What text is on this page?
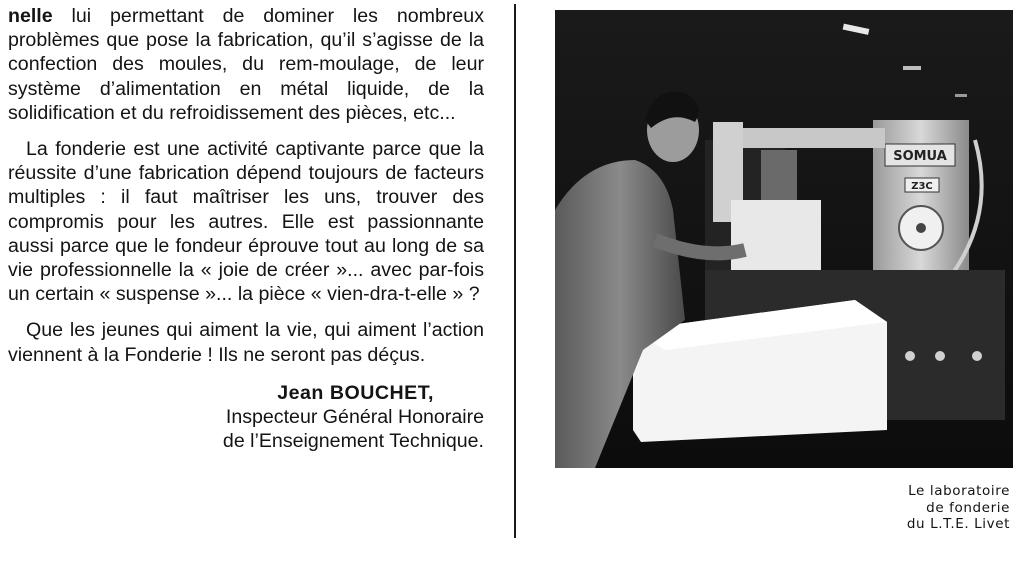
nelle lui permettant de dominer les nombreux problèmes que pose la fabrication, qu’il s’agisse de la confection des moules, du rem-moulage, de leur système d’alimentation en métal liquide, de la solidification et du refroidissement des pièces, etc...

La fonderie est une activité captivante parce que la réussite d’une fabrication dépend toujours de facteurs multiples : il faut maîtriser les uns, trouver des compromis pour les autres. Elle est passionnante aussi parce que le fondeur éprouve tout au long de sa vie professionnelle la « joie de créer »... avec par-fois un certain « suspense »... la pièce « vien-dra-t-elle » ?

Que les jeunes qui aiment la vie, qui aiment l’action viennent à la Fonderie ! Ils ne seront pas déçus.

Jean BOUCHET,
Inspecteur Général Honoraire
de l’Enseignement Technique.
SOMUA
Z3C
Le laboratoire
de fonderie
du L.T.E. Livet
